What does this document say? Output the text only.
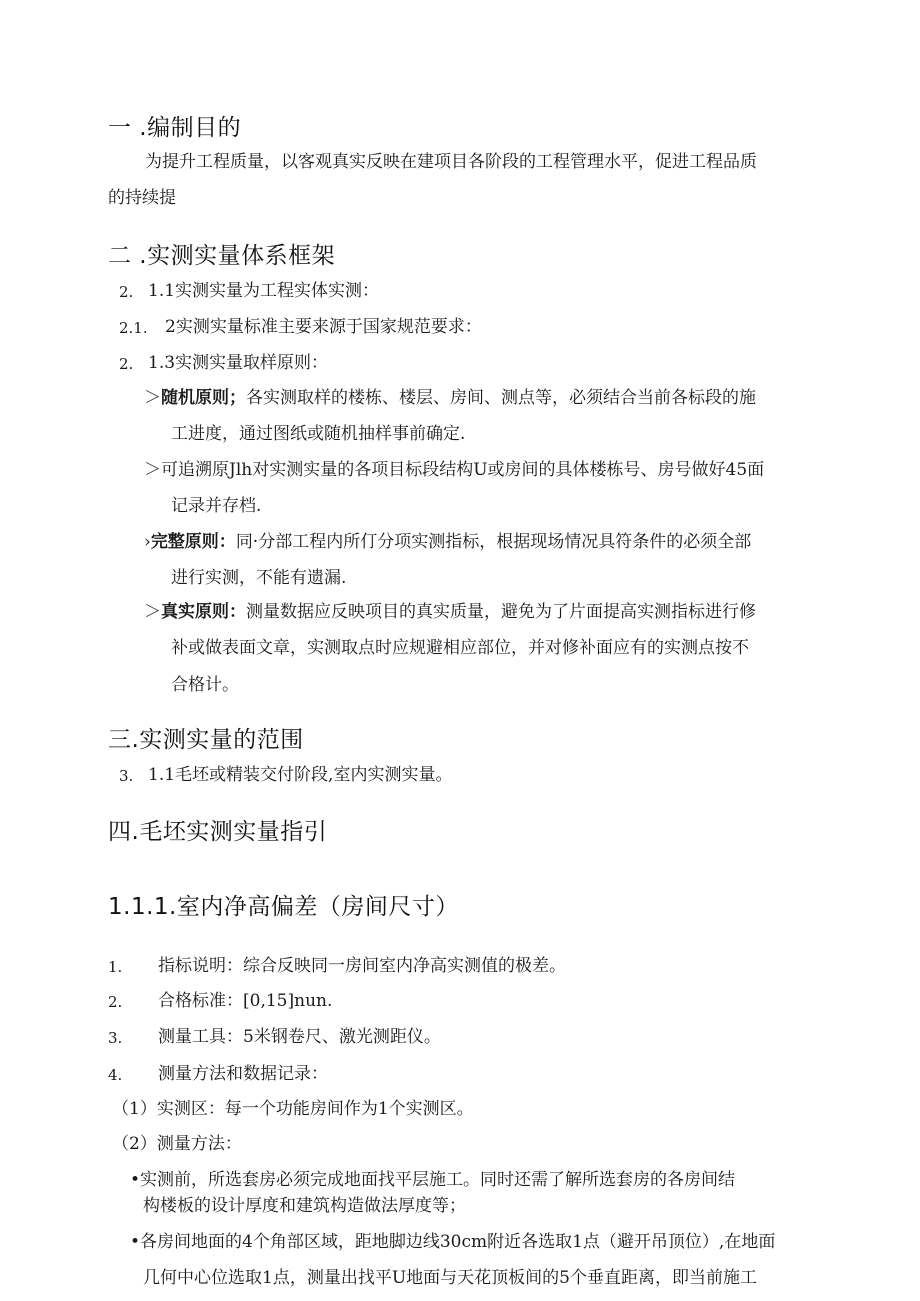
一 .编制目的
为提升工程质量，以客观真实反映在建项目各阶段的工程管理水平，促进工程品质
的持续提
二 .实测实量体系框架
2. 1.1实测实量为工程实体实测：
2.1. 2实测实量标准主要来源于国家规范要求：
2. 1.3实测实量取样原则：
＞随机原则；各实测取样的楼栋、楼层、房间、测点等，必须结合当前各标段的施
工进度，通过图纸或随机抽样事前确定.
＞可追溯原Jlh对实测实量的各项目标段结构U或房间的具体楼栋号、房号做好45面
记录并存档.
›完整原则：同·分部工程内所仃分项实测指标，根据现场情况具符条件的必须全部
进行实测，不能有遗漏.
＞真实原则：测量数据应反映项目的真实质量，避免为了片面提高实测指标进行修
补或做表面文章，实测取点时应规避相应部位，并对修补面应有的实测点按不
合格计。
三.实测实量的范围
3. 1.1毛坯或精装交付阶段,室内实测实量。
四.毛坯实测实量指引
1.1.1.室内净高偏差（房间尺寸）
1. 指标说明：综合反映同一房间室内净高实测值的极差。
2. 合格标准：[0,15]nun.
3. 测量工具：5米钢卷尺、激光测距仪。
4. 测量方法和数据记录：
（1）实测区：每一个功能房间作为1个实测区。
（2）测量方法：
•实测前，所选套房必须完成地面找平层施工。同时还需了解所选套房的各房间结
构楼板的设计厚度和建筑构造做法厚度等；
•各房间地面的4个角部区域，距地脚边线30cm附近各选取1点（避开吊顶位）,在地面
几何中心位选取1点，测量出找平U地面与天花顶板间的5个垂直距离，即当前施工
